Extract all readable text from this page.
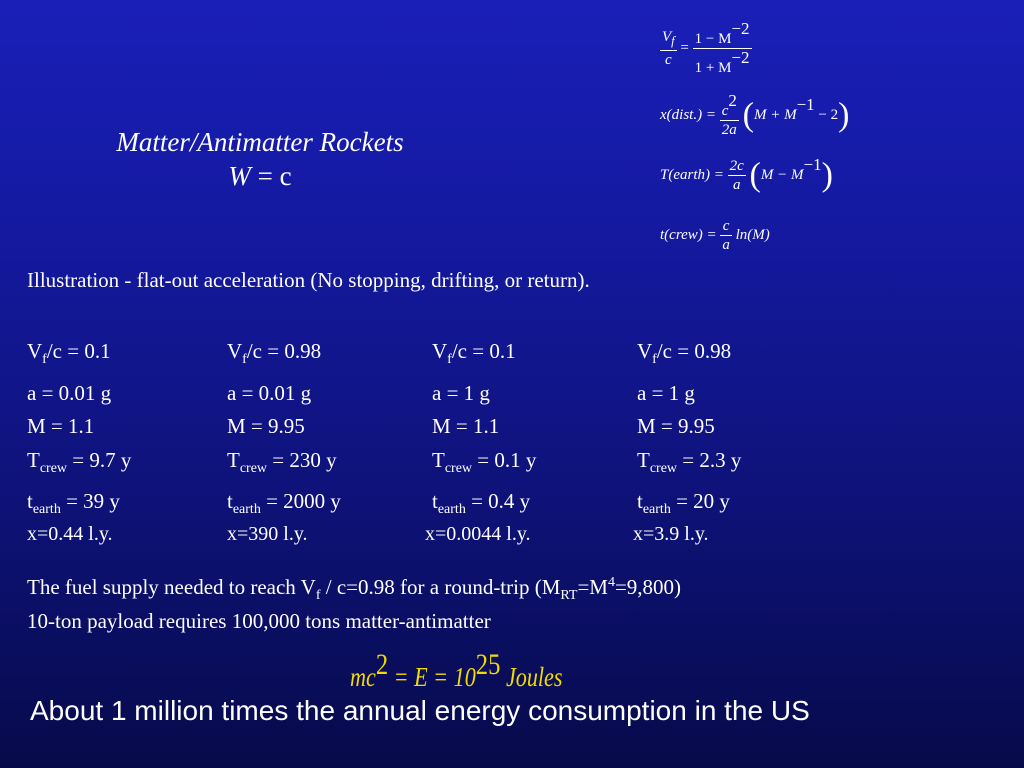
Matter/Antimatter Rockets
W = c
$\frac{V_f}{c} = \frac{1 - M-2}{1 + M-2}$
x(dist.) = $\frac{c2}{2a} (M + M-1 - 2)$
T(earth) = $\frac{2c}{a} (M - M-1)$
t(crew) = $\frac{c}{a} \ln(M)$
Illustration - flat-out acceleration (No stopping, drifting, or return).
$V_f/c = 0.1$
a = 0.01 g
M = 1.1
$T_{crew} = 9.7$ y
$t_{earth} = 39$ y
x=0.44 l.y.
$V_f/c = 0.98$
a = 0.01 g
M = 9.95
$T_{crew} = 230$ y
$t_{earth} = 2000$ y
x=390 l.y.
$V_f/c = 0.1$
a = 1 g
M = 1.1
$T_{crew} = 0.1$ y
$t_{earth} = 0.4$ y
x=0.0044 l.y.
$V_f/c = 0.98$
a = 1 g
M = 9.95
$T_{crew} = 2.3$ y
$t_{earth} = 20$ y
x=3.9 l.y.
The fuel supply needed to reach $V_f / c=0.98$ for a round-trip $(M_{RT}=M^4=9,800)$
10-ton payload requires 100,000 tons matter-antimatter
mc2 = E = 1025 Joules
About 1 million times the annual energy consumption in the US
